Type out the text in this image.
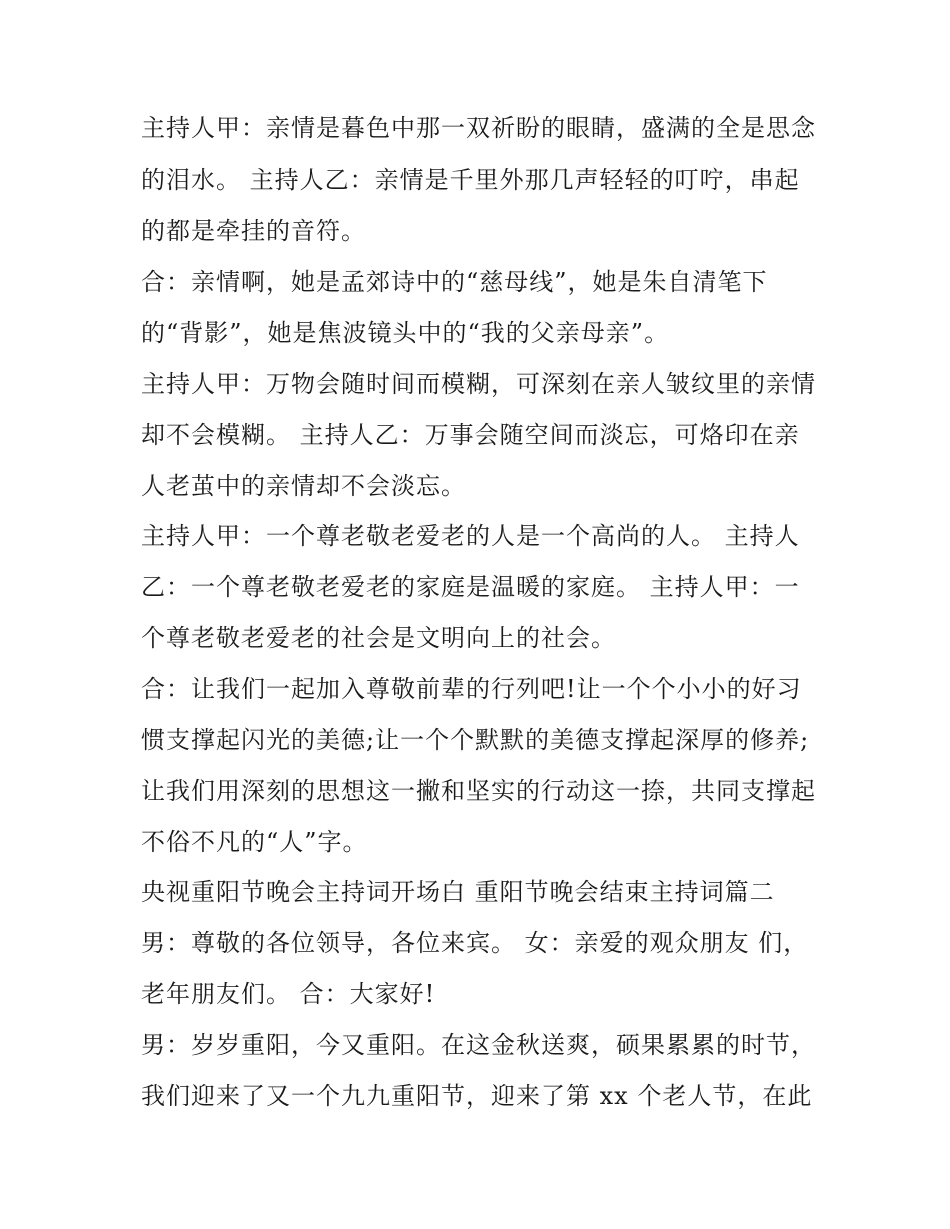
主持人甲：亲情是暮色中那一双祈盼的眼睛，盛满的全是思念
的泪水。 主持人乙：亲情是千里外那几声轻轻的叮咛，串起
的都是牵挂的音符。
合：亲情啊，她是孟郊诗中的“慈母线”，她是朱自清笔下
的“背影”，她是焦波镜头中的“我的父亲母亲”。
主持人甲：万物会随时间而模糊，可深刻在亲人皱纹里的亲情
却不会模糊。 主持人乙：万事会随空间而淡忘，可烙印在亲
人老茧中的亲情却不会淡忘。
主持人甲：一个尊老敬老爱老的人是一个高尚的人。 主持人
乙：一个尊老敬老爱老的家庭是温暖的家庭。 主持人甲：一
个尊老敬老爱老的社会是文明向上的社会。
合：让我们一起加入尊敬前辈的行列吧!让一个个小小的好习
惯支撑起闪光的美德;让一个个默默的美德支撑起深厚的修养;
让我们用深刻的思想这一撇和坚实的行动这一捺，共同支撑起
不俗不凡的“人”字。
央视重阳节晚会主持词开场白 重阳节晚会结束主持词篇二
男：尊敬的各位领导，各位来宾。 女：亲爱的观众朋友 们，
老年朋友们。 合：大家好!
男：岁岁重阳，今又重阳。在这金秋送爽，硕果累累的时节，
我们迎来了又一个九九重阳节，迎来了第 xx 个老人节，在此
